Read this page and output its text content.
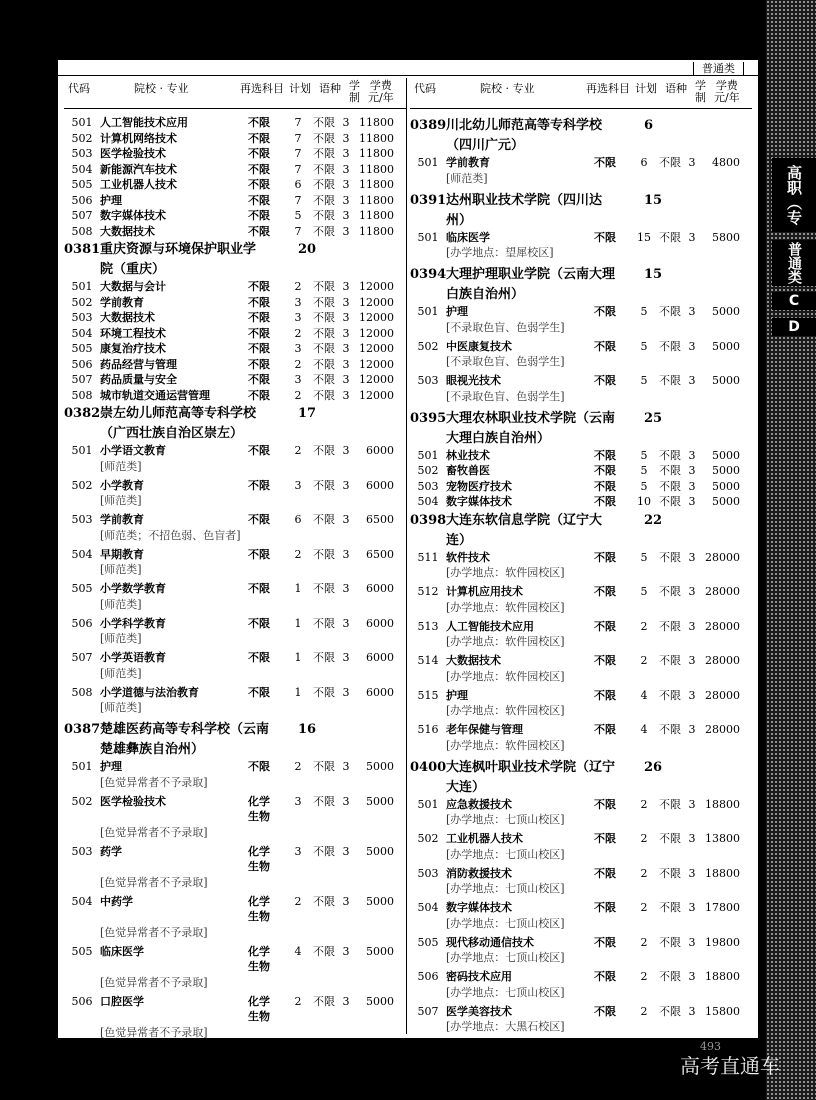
高职（专
普通类
C
D
普通类
代码	院校 · 专业	再选科目 计划 语种 学
制
学费
元/年
501 人工智能技术应用	不限	7	不限 3 11800
502 计算机网络技术	不限	7	不限 3 11800
503 医学检验技术	不限	7	不限 3 11800
504 新能源汽车技术	不限	7	不限 3 11800
505 工业机器人技术	不限	6	不限 3 11800
506 护理	不限	7	不限 3 11800
507 数字媒体技术	不限	5	不限 3 11800
508 大数据技术	不限	7	不限 3 11800
0381 重庆资源与环境保护职业学	20
院（重庆）
501 大数据与会计	不限	2	不限 3 12000
502 学前教育	不限	3	不限 3 12000
503 大数据技术	不限	3	不限 3 12000
504 环境工程技术	不限	2	不限 3 12000
505 康复治疗技术	不限	3	不限 3 12000
506 药品经营与管理	不限	2	不限 3 12000
507 药品质量与安全	不限	3	不限 3 12000
508 城市轨道交通运营管理	不限	2	不限 3 12000
0382 崇左幼儿师范高等专科学校	17
（广西壮族自治区崇左）
501 小学语文教育	不限	2	不限 3	6000
[师范类]
502 小学教育	不限	3	不限 3	6000
[师范类]
503 学前教育	不限	6	不限 3	6500
[师范类；不招色弱、色盲者]
504 早期教育	不限	2	不限 3	6500
[师范类]
505 小学数学教育	不限	1	不限 3	6000
[师范类]
506 小学科学教育	不限	1	不限 3	6000
[师范类]
507 小学英语教育	不限	1	不限 3	6000
[师范类]
508 小学道德与法治教育	不限	1	不限 3	6000
[师范类]
0387 楚雄医药高等专科学校（云南	16
楚雄彝族自治州）
501 护理	不限	2	不限 3	5000
[色觉异常者不予录取]
502 医学检验技术	化学	3	不限 3	5000
生物
[色觉异常者不予录取]
503 药学	化学	3	不限 3	5000
生物
[色觉异常者不予录取]
504 中药学	化学	2	不限 3	5000
生物
[色觉异常者不予录取]
505 临床医学	化学	4	不限 3	5000
生物
[色觉异常者不予录取]
506 口腔医学	化学	2	不限 3	5000
生物
[色觉异常者不予录取]
代码	院校 · 专业	再选科目 计划 语种 学
制
学费
元/年
0389 川北幼儿师范高等专科学校	6
（四川广元）
501 学前教育	不限	6	不限 3	4800
[师范类]
0391 达州职业技术学院（四川达	15
州）
501 临床医学	不限	15 不限 3	5800
[办学地点：望犀校区]
0394 大理护理职业学院（云南大理	15
白族自治州）
501 护理	不限	5	不限 3	5000
[不录取色盲、色弱学生]
502 中医康复技术	不限	5	不限 3	5000
[不录取色盲、色弱学生]
503 眼视光技术	不限	5	不限 3	5000
[不录取色盲、色弱学生]
0395 大理农林职业技术学院（云南	25
大理白族自治州）
501 林业技术	不限	5	不限 3	5000
502 畜牧兽医	不限	5	不限 3	5000
503 宠物医疗技术	不限	5	不限 3	5000
504 数字媒体技术	不限	10 不限 3	5000
0398 大连东软信息学院（辽宁大	22
连）
511 软件技术	不限	5	不限 3 28000
[办学地点：软件园校区]
512 计算机应用技术	不限	5	不限 3 28000
[办学地点：软件园校区]
513 人工智能技术应用	不限	2	不限 3 28000
[办学地点：软件园校区]
514 大数据技术	不限	2	不限 3 28000
[办学地点：软件园校区]
515 护理	不限	4	不限 3 28000
[办学地点：软件园校区]
516 老年保健与管理	不限	4	不限 3 28000
[办学地点：软件园校区]
0400 大连枫叶职业技术学院（辽宁	26
大连）
501 应急救援技术	不限	2	不限 3 18800
[办学地点：七顶山校区]
502 工业机器人技术	不限	2	不限 3 13800
[办学地点：七顶山校区]
503 消防救援技术	不限	2	不限 3 18800
[办学地点：七顶山校区]
504 数字媒体技术	不限	2	不限 3 17800
[办学地点：七顶山校区]
505 现代移动通信技术	不限	2	不限 3 19800
[办学地点：七顶山校区]
506 密码技术应用	不限	2	不限 3 18800
[办学地点：七顶山校区]
507 医学美容技术	不限	2	不限 3 15800
[办学地点：大黑石校区]
493
高考直通车
